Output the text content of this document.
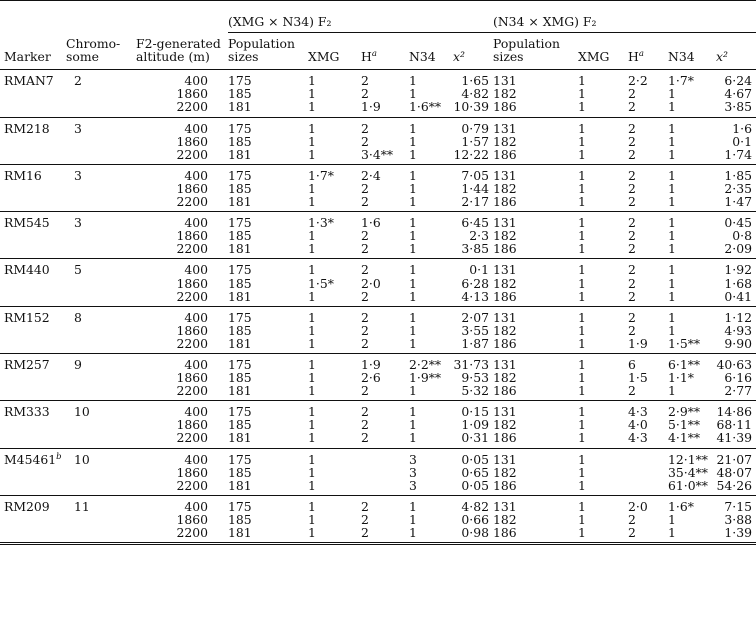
			(XMG × N34) F₂					(N34 × XMG) F₂				
Marker	Chromo-
some	F2-generated altitude (m)	Population sizes	XMG	$H^a$	N34	x²	Population sizes	XMG	$H^a$	N34	x²
RMAN7	2	400	175	1	2	1	1·65	131	1	2·2	1·7*	6·24
		1860	185	1	2	1	4·82	182	1	2	1	4·67
		2200	181	1	1·9	1·6**	10·39	186	1	2	1	3·85
RM218	3	400	175	1	2	1	0·79	131	1	2	1	1·6
		1860	185	1	2	1	1·57	182	1	2	1	0·1
		2200	181	1	3·4**	1	12·22	186	1	2	1	1·74
RM16	3	400	175	1·7*	2·4	1	7·05	131	1	2	1	1·85
		1860	185	1	2	1	1·44	182	1	2	1	2·35
		2200	181	1	2	1	2·17	186	1	2	1	1·47
RM545	3	400	175	1·3*	1·6	1	6·45	131	1	2	1	0·45
		1860	185	1	2	1	2·3	182	1	2	1	0·8
		2200	181	1	2	1	3·85	186	1	2	1	2·09
RM440	5	400	175	1	2	1	0·1	131	1	2	1	1·92
		1860	185	1·5*	2·0	1	6·28	182	1	2	1	1·68
		2200	181	1	2	1	4·13	186	1	2	1	0·41
RM152	8	400	175	1	2	1	2·07	131	1	2	1	1·12
		1860	185	1	2	1	3·55	182	1	2	1	4·93
		2200	181	1	2	1	1·87	186	1	1·9	1·5**	9·90
RM257	9	400	175	1	1·9	2·2**	31·73	131	1	6	6·1**	40·63
		1860	185	1	2·6	1·9**	9·53	182	1	1·5	1·1*	6·16
		2200	181	1	2	1	5·32	186	1	2	1	2·77
RM333	10	400	175	1	2	1	0·15	131	1	4·3	2·9**	14·86
		1860	185	1	2	1	1·09	182	1	4·0	5·1**	68·11
		2200	181	1	2	1	0·31	186	1	4·3	4·1**	41·39
M45461$^b$	10	400	175	1		3	0·05	131	1		12·1**	21·07
		1860	185	1		3	0·65	182	1		35·4**	48·07
		2200	181	1		3	0·05	186	1		61·0**	54·26
RM209	11	400	175	1	2	1	4·82	131	1	2·0	1·6*	7·15
		1860	185	1	2	1	0·66	182	1	2	1	3·88
		2200	181	1	2	1	0·98	186	1	2	1	1·39
